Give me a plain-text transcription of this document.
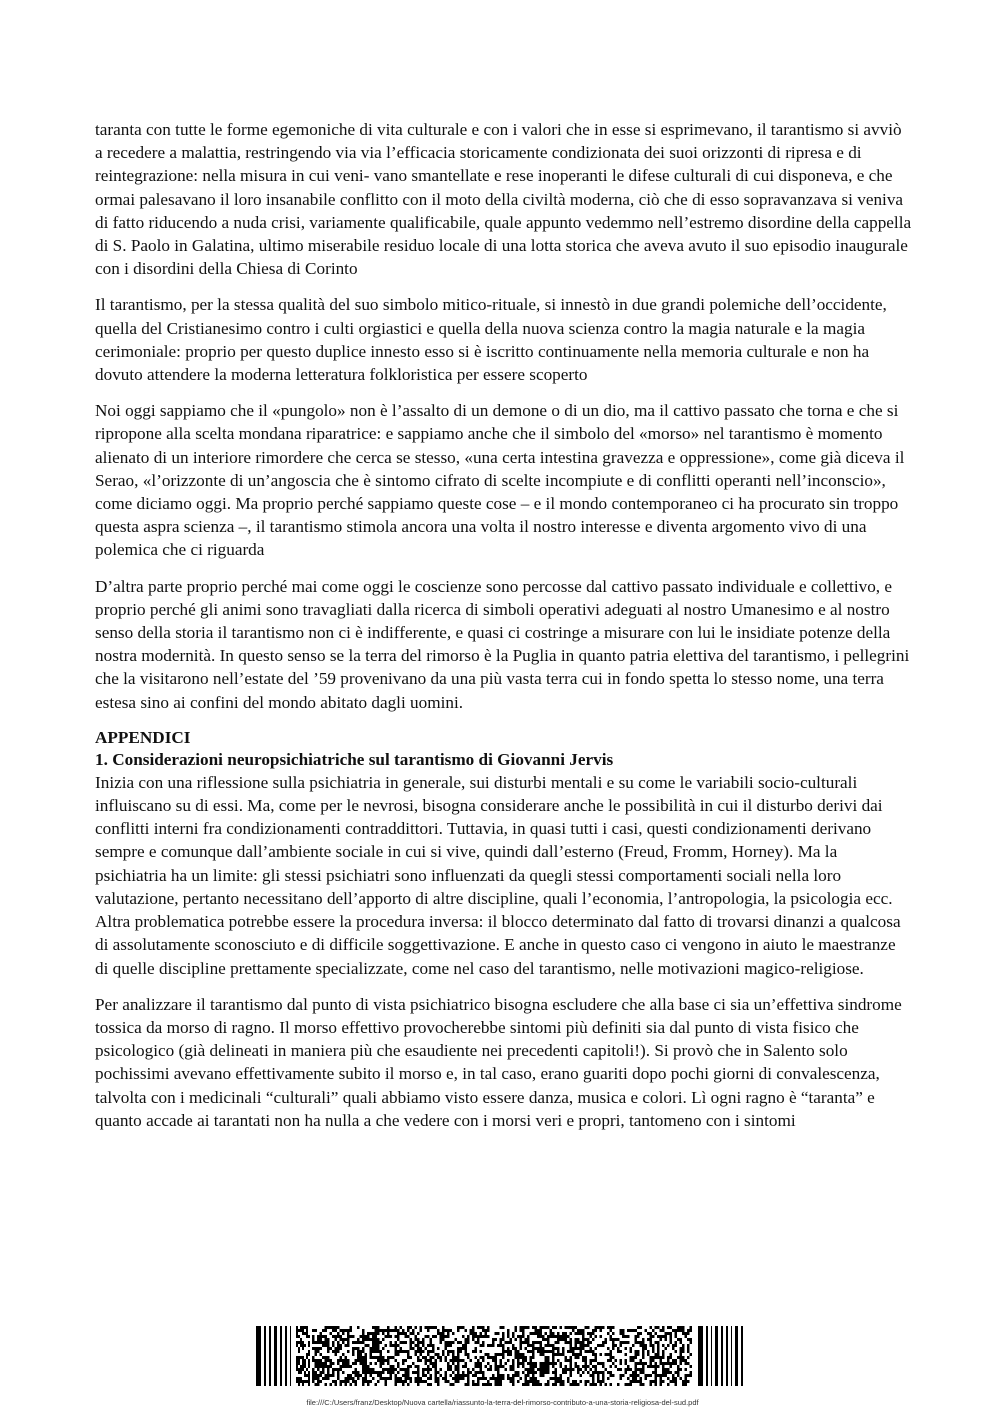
taranta con tutte le forme egemoniche di vita culturale e con i valori che in esse si esprimevano, il tarantismo si avviò a recedere a malattia, restringendo via via l’efficacia storicamente condizionata dei suoi orizzonti di ripresa e di reintegrazione: nella misura in cui veni- vano smantellate e rese inoperanti le difese culturali di cui disponeva, e che ormai palesavano il loro insanabile conflitto con il moto della civiltà moderna, ciò che di esso sopravanzava si veniva di fatto riducendo a nuda crisi, variamente qualificabile, quale appunto vedemmo nell’estremo disordine della cappella di S. Paolo in Galatina, ultimo miserabile residuo locale di una lotta storica che aveva avuto il suo episodio inaugurale con i disordini della Chiesa di Corinto

Il tarantismo, per la stessa qualità del suo simbolo mitico-rituale, si innestò in due grandi polemiche dell’occidente, quella del Cristianesimo contro i culti orgiastici e quella della nuova scienza contro la magia naturale e la magia cerimoniale: proprio per questo duplice innesto esso si è iscritto continuamente nella memoria culturale e non ha dovuto attendere la moderna letteratura folkloristica per essere scoperto

Noi oggi sappiamo che il «pungolo» non è l’assalto di un demone o di un dio, ma il cattivo passato che torna e che si ripropone alla scelta mondana riparatrice: e sappiamo anche che il simbolo del «morso» nel tarantismo è momento alienato di un interiore rimordere che cerca se stesso, «una certa intestina gravezza e oppressione», come già diceva il Serao, «l’orizzonte di un’angoscia che è sintomo cifrato di scelte incompiute e di conflitti operanti nell’inconscio», come diciamo oggi. Ma proprio perché sappiamo queste cose – e il mondo contemporaneo ci ha procurato sin troppo questa aspra scienza –, il tarantismo stimola ancora una volta il nostro interesse e diventa argomento vivo di una polemica che ci riguarda

D’altra parte proprio perché mai come oggi le coscienze sono percosse dal cattivo passato individuale e collettivo, e proprio perché gli animi sono travagliati dalla ricerca di simboli operativi adeguati al nostro Umanesimo e al nostro senso della storia il tarantismo non ci è indifferente, e quasi ci costringe a misurare con lui le insidiate potenze della nostra modernità. In questo senso se la terra del rimorso è la Puglia in quanto patria elettiva del tarantismo, i pellegrini che la visitarono nell’estate del ’59 provenivano da una più vasta terra cui in fondo spetta lo stesso nome, una terra estesa sino ai confini del mondo abitato dagli uomini.

APPENDICI
1. Considerazioni neuropsichiatriche sul tarantismo di Giovanni Jervis

Inizia con una riflessione sulla psichiatria in generale, sui disturbi mentali e su come le variabili socio-culturali influiscano su di essi. Ma, come per le nevrosi, bisogna considerare anche le possibilità in cui il disturbo derivi dai conflitti interni fra condizionamenti contraddittori. Tuttavia, in quasi tutti i casi, questi condizionamenti derivano sempre e comunque dall’ambiente sociale in cui si vive, quindi dall’esterno (Freud, Fromm, Horney). Ma la psichiatria ha un limite: gli stessi psichiatri sono influenzati da quegli stessi comportamenti sociali nella loro valutazione, pertanto necessitano dell’apporto di altre discipline, quali l’economia, l’antropologia, la psicologia ecc. Altra problematica potrebbe essere la procedura inversa: il blocco determinato dal fatto di trovarsi dinanzi a qualcosa di assolutamente sconosciuto e di difficile soggettivazione. E anche in questo caso ci vengono in aiuto le maestranze di quelle discipline prettamente specializzate, come nel caso del tarantismo, nelle motivazioni magico-religiose.

Per analizzare il tarantismo dal punto di vista psichiatrico bisogna escludere che alla base ci sia un’effettiva sindrome tossica da morso di ragno. Il morso effettivo provocherebbe sintomi più definiti sia dal punto di vista fisico che psicologico (già delineati in maniera più che esaudiente nei precedenti capitoli!). Si provò che in Salento solo pochissimi avevano effettivamente subito il morso e, in tal caso, erano guariti dopo pochi giorni di convalescenza, talvolta con i medicinali “culturali” quali abbiamo visto essere danza, musica e colori. Lì ogni ragno è “taranta” e quanto accade ai tarantati non ha nulla a che vedere con i morsi veri e propri, tantomeno con i sintomi

file:///C:/Users/franz/Desktop/Nuova cartella/riassunto-la-terra-del-rimorso-contributo-a-una-storia-religiosa-del-sud.pdf
